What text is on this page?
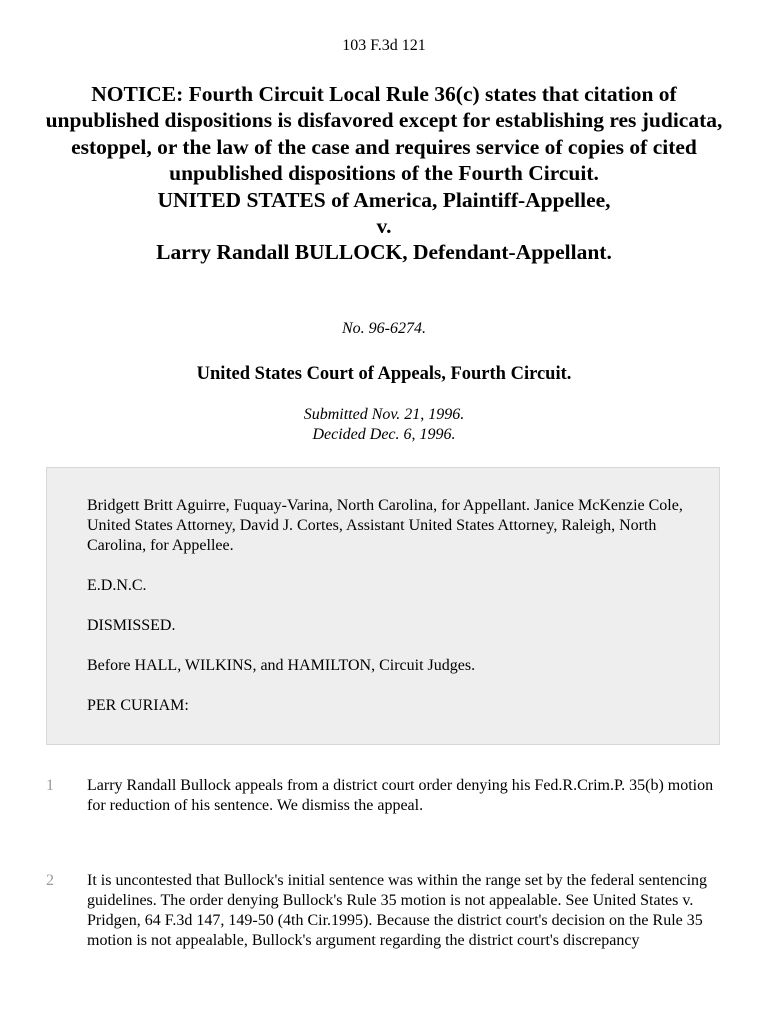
103 F.3d 121
NOTICE: Fourth Circuit Local Rule 36(c) states that citation of unpublished dispositions is disfavored except for establishing res judicata, estoppel, or the law of the case and requires service of copies of cited unpublished dispositions of the Fourth Circuit.
UNITED STATES of America, Plaintiff-Appellee,
v.
Larry Randall BULLOCK, Defendant-Appellant.
No. 96-6274.
United States Court of Appeals, Fourth Circuit.
Submitted Nov. 21, 1996.
Decided Dec. 6, 1996.

Bridgett Britt Aguirre, Fuquay-Varina, North Carolina, for Appellant. Janice McKenzie Cole, United States Attorney, David J. Cortes, Assistant United States Attorney, Raleigh, North Carolina, for Appellee.

E.D.N.C.

DISMISSED.

Before HALL, WILKINS, and HAMILTON, Circuit Judges.

PER CURIAM:

1 Larry Randall Bullock appeals from a district court order denying his Fed.R.Crim.P. 35(b) motion for reduction of his sentence. We dismiss the appeal.
2 It is uncontested that Bullock's initial sentence was within the range set by the federal sentencing guidelines. The order denying Bullock's Rule 35 motion is not appealable. See United States v. Pridgen, 64 F.3d 147, 149-50 (4th Cir.1995). Because the district court's decision on the Rule 35 motion is not appealable, Bullock's argument regarding the district court's discrepancy
